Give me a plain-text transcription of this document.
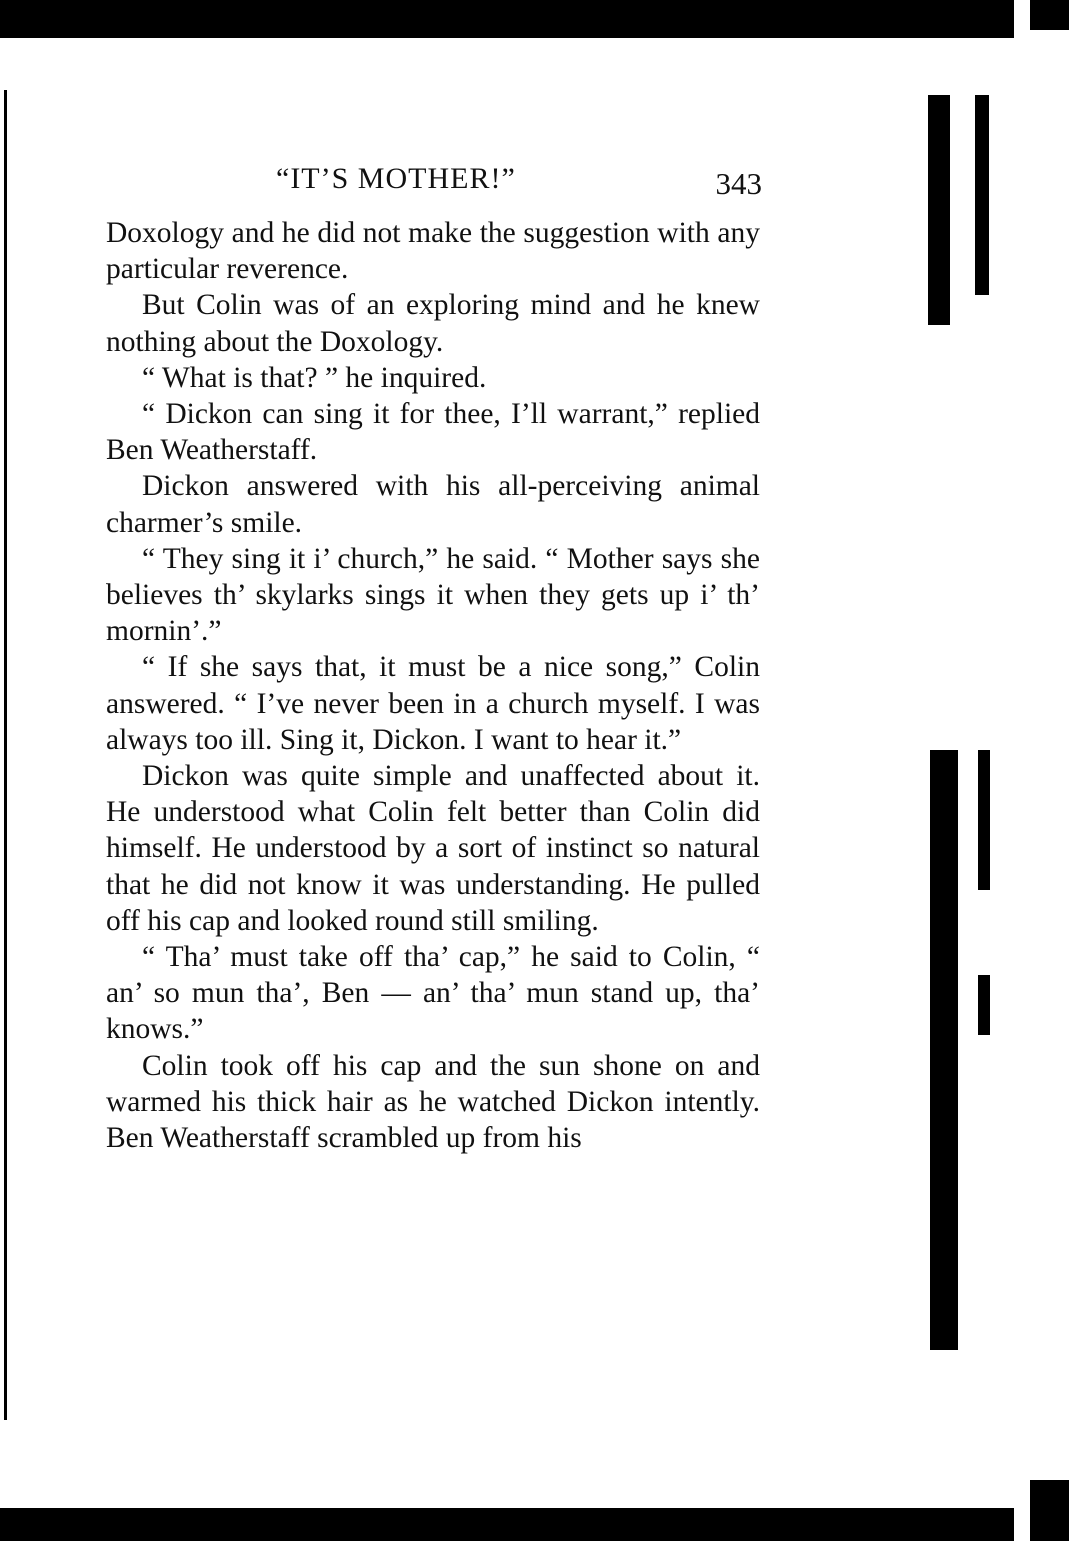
“IT’S MOTHER!”	343

Doxology and he did not make the suggestion with any particular reverence.

But Colin was of an exploring mind and he knew nothing about the Doxology.

“ What is that? ” he inquired.

“ Dickon can sing it for thee, I’ll warrant,” replied Ben Weatherstaff.

Dickon answered with his all-perceiving animal charmer’s smile.

“ They sing it i’ church,” he said. “ Mother says she believes th’ skylarks sings it when they gets up i’ th’ mornin’.”

“ If she says that, it must be a nice song,” Colin answered. “ I’ve never been in a church myself. I was always too ill. Sing it, Dickon. I want to hear it.”

Dickon was quite simple and unaffected about it. He understood what Colin felt better than Colin did himself. He understood by a sort of instinct so natural that he did not know it was understanding. He pulled off his cap and looked round still smiling.

“ Tha’ must take off tha’ cap,” he said to Colin, “ an’ so mun tha’, Ben — an’ tha’ mun stand up, tha’ knows.”

Colin took off his cap and the sun shone on and warmed his thick hair as he watched Dickon intently. Ben Weatherstaff scrambled up from his
